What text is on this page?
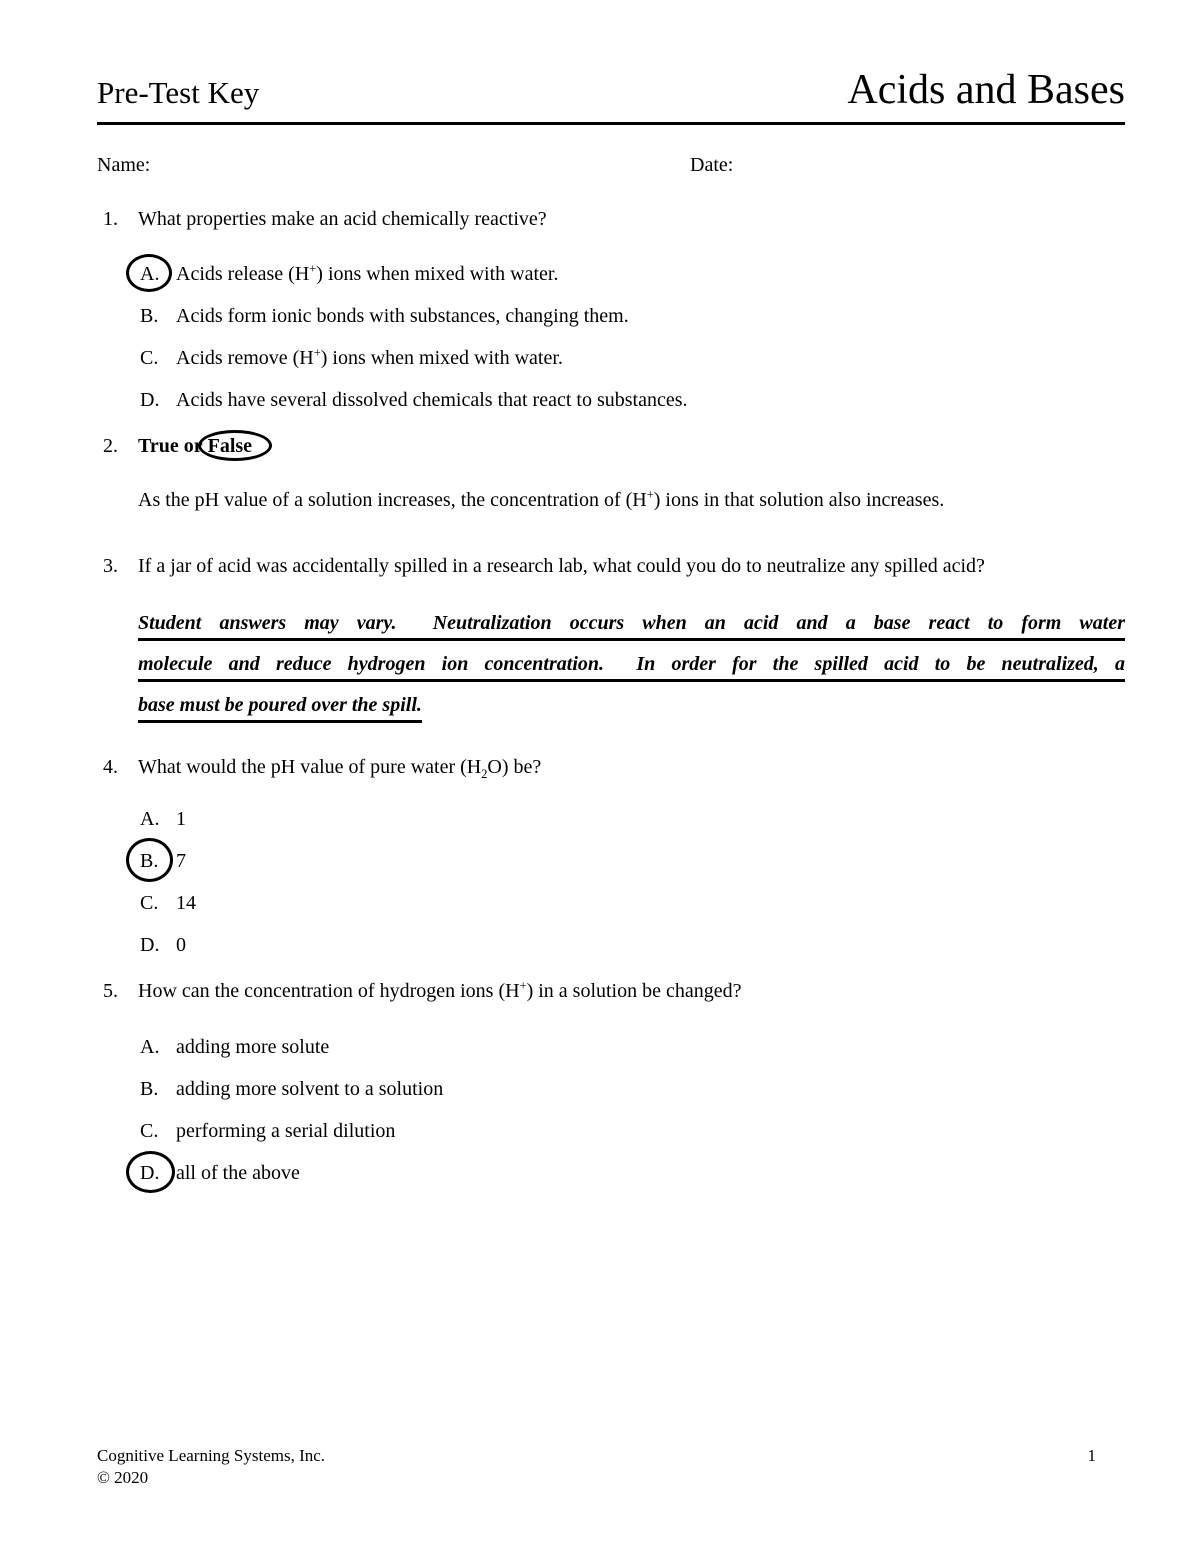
Pre-Test Key	Acids and Bases
Name:	Date:
1.	What properties make an acid chemically reactive?
A. Acids release (H+) ions when mixed with water.
B. Acids form ionic bonds with substances, changing them.
C. Acids remove (H+) ions when mixed with water.
D. Acids have several dissolved chemicals that react to substances.
2.	True or False
As the pH value of a solution increases, the concentration of (H+) ions in that solution also increases.
3.	If a jar of acid was accidentally spilled in a research lab, what could you do to neutralize any spilled acid?
Student answers may vary.  Neutralization occurs when an acid and a base react to form water
molecule and reduce hydrogen ion concentration.  In order for the spilled acid to be neutralized, a
base must be poured over the spill.
4.	What would the pH value of pure water $(H_2O)$ be?
A. 1
B. 7
C. 14
D. 0
5.	How can the concentration of hydrogen ions (H+) in a solution be changed?
A. adding more solute
B. adding more solvent to a solution
C. performing a serial dilution
D. all of the above
Cognitive Learning Systems, Inc.
© 2020
1
